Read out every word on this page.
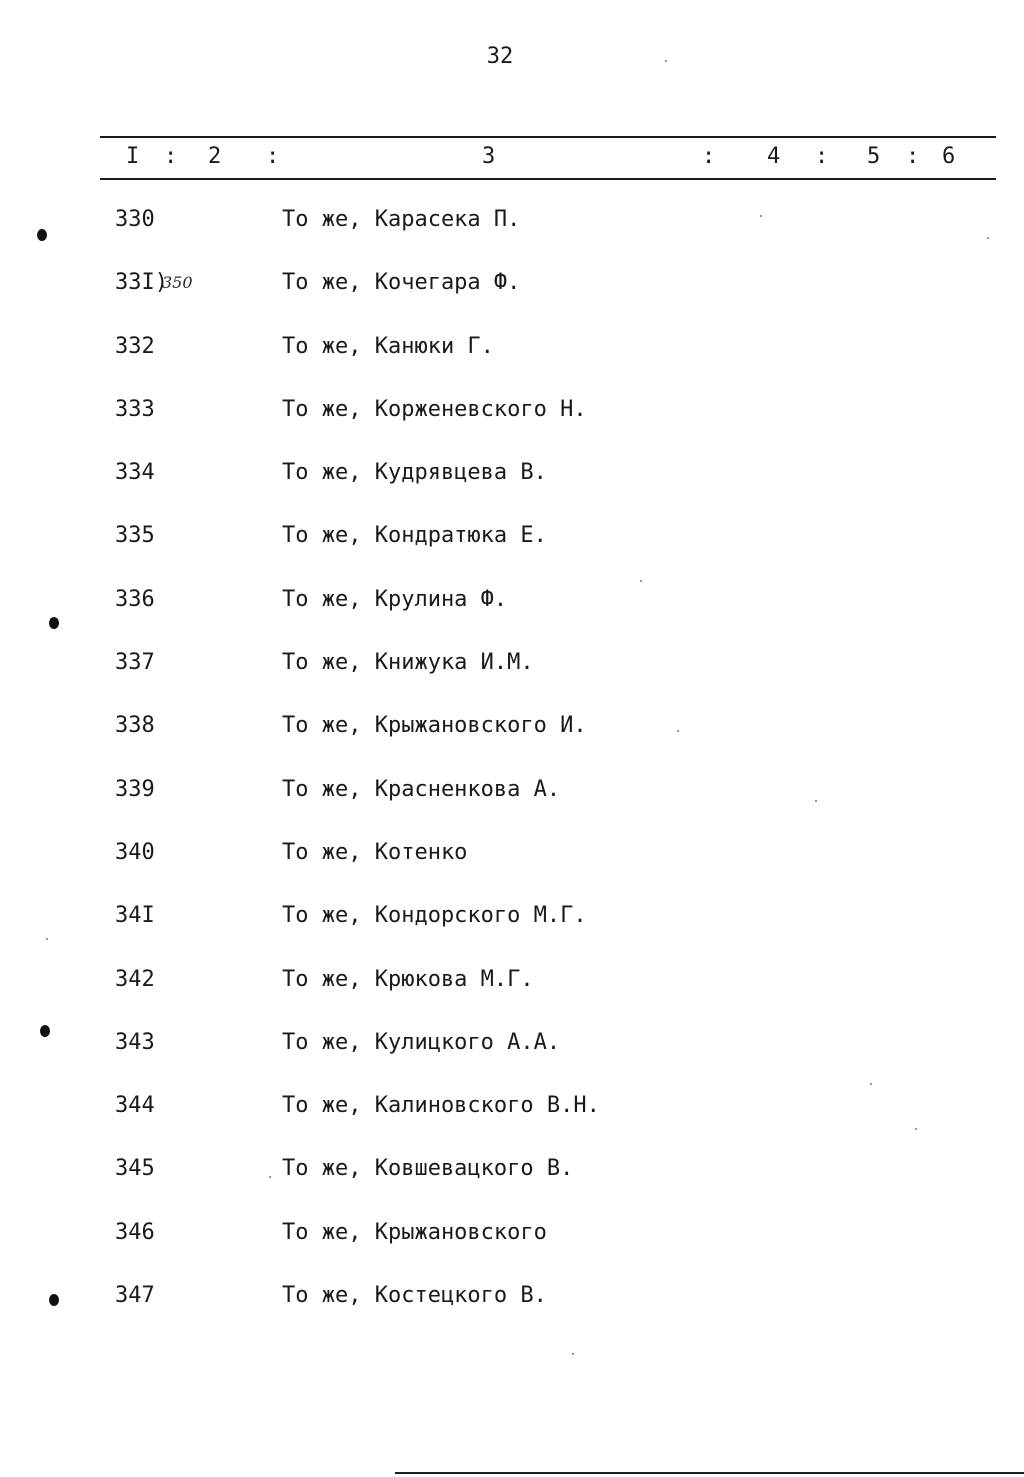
32
I : 2 :	3	: 4 : 5 : 6
330	То же, Карасека П.
33I)	То же, Кочегара Ф.
332	То же, Канюки Г.
333	То же, Корженевского Н.
334	То же, Кудрявцева В.
335	То же, Кондратюка Е.
336	То же, Крулина Ф.
337	То же, Книжука И.М.
338	То же, Крыжановского И.
339	То же, Красненкова А.
340	То же, Котенко
34I	То же, Кондорского М.Г.
342	То же, Крюкова М.Г.
343	То же, Кулицкого А.А.
344	То же, Калиновского В.Н.
345	То же, Ковшевацкого В.
346	То же, Крыжановского
347	То же, Костецкого В.
350
